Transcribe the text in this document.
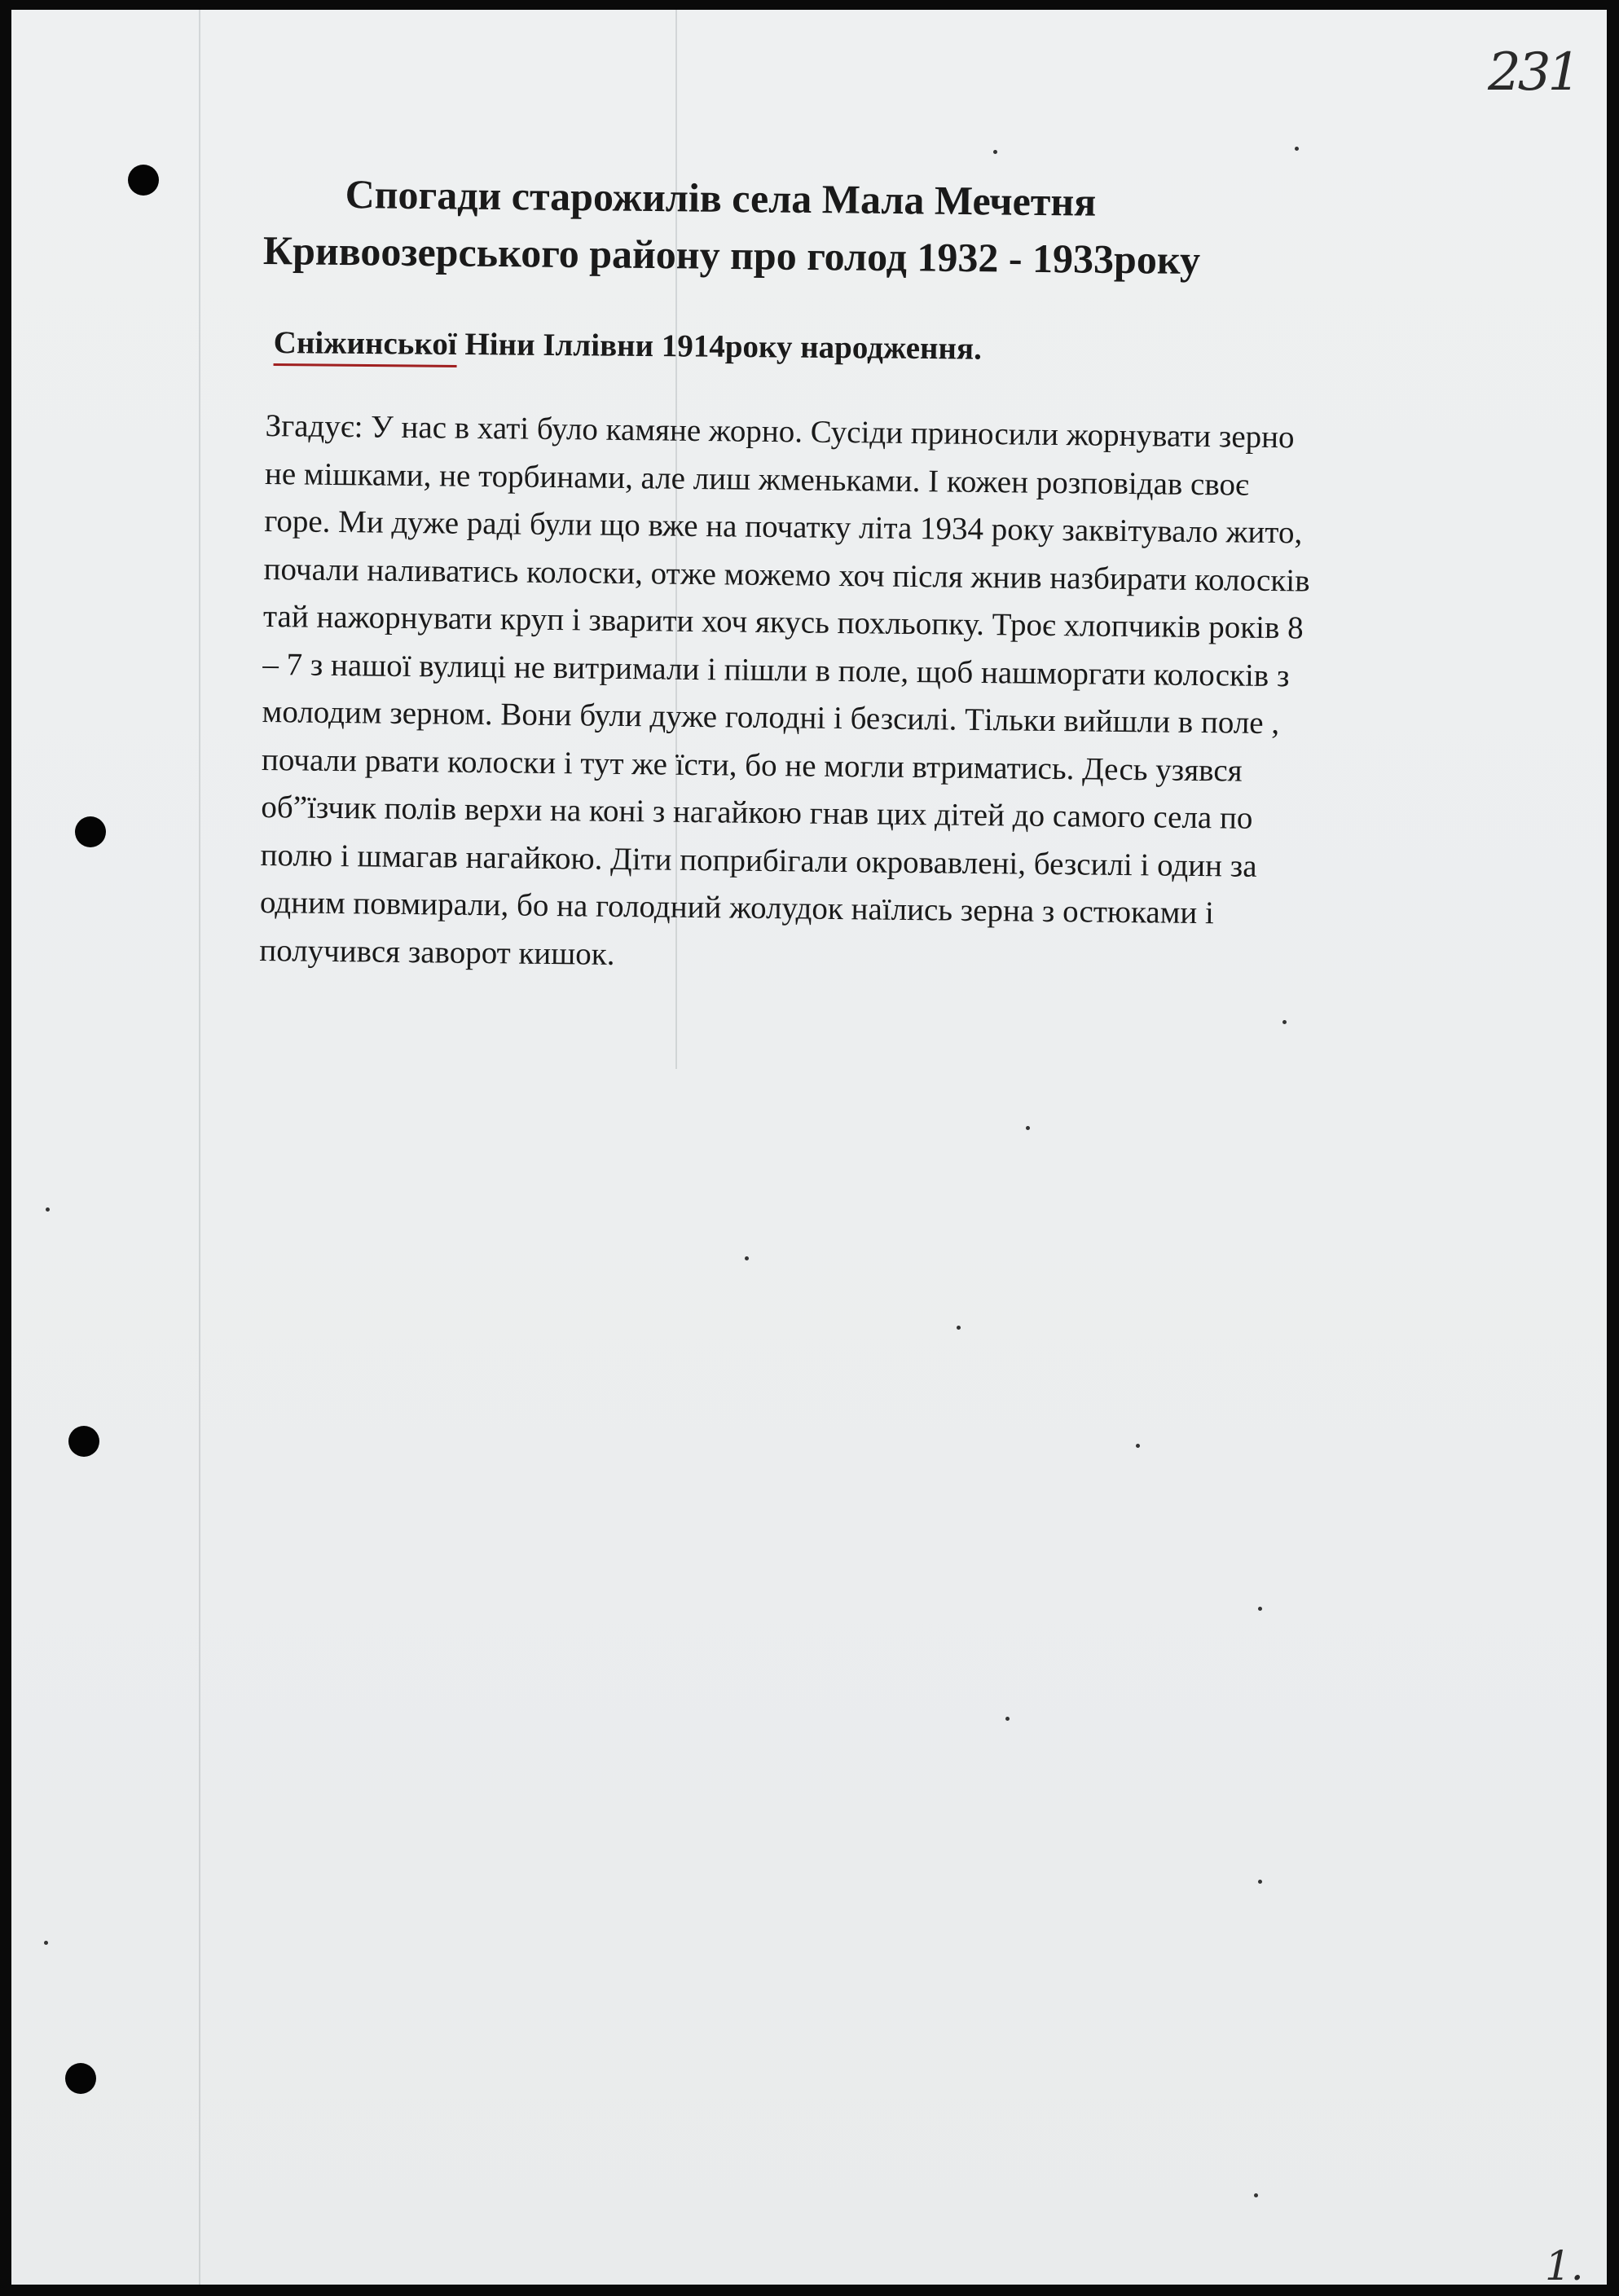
231
Спогади старожилів села Мала Мечетня
Кривоозерського району про голод 1932 - 1933року

Сніжинської Ніни Іллівни 1914року народження.

Згадує: У нас в хаті було камяне жорно. Сусіди приносили жорнувати зерно
не мішками, не торбинами, але лиш жменьками. І кожен розповідав своє
горе. Ми дуже раді були що вже на початку літа 1934 року заквітувало жито,
почали наливатись колоски, отже можемо хоч після жнив назбирати колосків
тай нажорнувати круп і зварити хоч якусь похльопку. Троє хлопчиків років 8
– 7 з нашої вулиці не витримали і пішли в поле, щоб нашморгати колосків з
молодим зерном. Вони були дуже голодні і безсилі. Тільки вийшли в поле ,
почали рвати колоски і тут же їсти, бо не могли втриматись. Десь узявся
об”їзчик полів верхи на коні з нагайкою гнав цих дітей до самого села по
полю і шмагав нагайкою. Діти поприбігали окровавлені, безсилі і один за
одним повмирали, бо на голодний жолудок наїлись зерна з остюками і
получився заворот кишок.
1.
